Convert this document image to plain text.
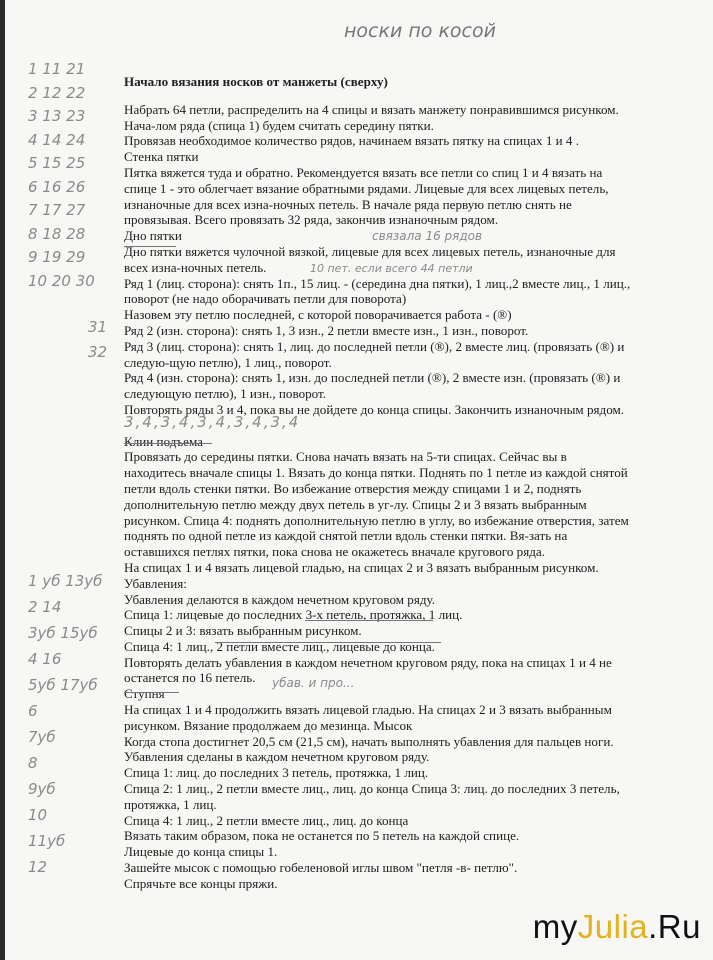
носки по косой
1 11 21
2 12 22
3 13 23
4 14 24
5 15 25
6 16 26
7 17 27
8 18 28
9 19 29
10 20 30
31
32
1 уб 13уб
2 14
3уб 15уб
4 16
5уб 17уб
6
7уб
8
9уб
10
11уб
12
связала 16 рядов
10 пет. если всего 44 петли
3,4,3,4,3,4,3,4,3,4
убав. и про...
Начало вязания носков от манжеты (сверху)
Набрать 64 петли, распределить на 4 спицы и вязать манжету понравившимся рисунком.
Нача-лом ряда (спица 1) будем считать середину пятки.
Провязав необходимое количество рядов, начинаем вязать пятку на спицах 1 и 4 .
Стенка пятки
Пятка вяжется туда и обратно. Рекомендуется вязать все петли со спиц 1 и 4 вязать на
спице 1 - это облегчает вязание обратными рядами. Лицевые для всех лицевых петель,
изнаночные для всех изна-ночных петель. В начале ряда первую петлю снять не
провязывая. Всего провязать 32 ряда, закончив изнаночным рядом.
Дно пятки
Дно пятки вяжется чулочной вязкой, лицевые для всех лицевых петель, изнаночные для
всех изна-ночных петель.
Ряд 1 (лиц. сторона): снять 1п., 15 лиц. - (середина дна пятки), 1 лиц.,2 вместе лиц., 1 лиц.,
поворот (не надо оборачивать петли для поворота)
Назовем эту петлю последней, с которой поворачивается работа - (®)
Ряд 2 (изн. сторона): снять 1, 3 изн., 2 петли вместе изн., 1 изн., поворот.
Ряд 3 (лиц. сторона): снять 1, лиц. до последней петли (®), 2 вместе лиц. (провязать (®) и
следую-щую петлю), 1 лиц., поворот.
Ряд 4 (изн. сторона): снять 1, изн. до последней петли (®), 2 вместе изн. (провязать (®) и
следующую петлю), 1 изн., поворот.
Повторять ряды 3 и 4, пока вы не дойдете до конца спицы. Закончить изнаночным рядом.

Клин подъема
Провязать до середины пятки. Снова начать вязать на 5-ти спицах. Сейчас вы в
находитесь вначале спицы 1. Вязать до конца пятки. Поднять по 1 петле из каждой снятой
петли вдоль стенки пятки. Во избежание отверстия между спицами 1 и 2, поднять
дополнительную петлю между двух петель в уг-лу. Спицы 2 и 3 вязать выбранным
рисунком. Спица 4: поднять дополнительную петлю в углу, во избежание отверстия, затем
поднять по одной петле из каждой снятой петли вдоль стенки пятки. Вя-зать на
оставшихся петлях пятки, пока снова не окажетесь вначале кругового ряда.
На спицах 1 и 4 вязать лицевой гладью, на спицах 2 и 3 вязать выбранным рисунком.
Убавления:
Убавления делаются в каждом нечетном круговом ряду.
Спица 1: лицевые до последних 3-х петель, протяжка, 1 лиц.
Спицы 2 и 3: вязать выбранным рисунком.
Спица 4: 1 лиц., 2 петли вместе лиц., лицевые до конца.
Повторять делать убавления в каждом нечетном круговом ряду, пока на спицах 1 и 4 не
останется по 16 петель.
Ступня
На спицах 1 и 4 продолжить вязать лицевой гладью. На спицах 2 и 3 вязать выбранным
рисунком. Вязание продолжаем до мезинца. Мысок
Когда стопа достигнет 20,5 см (21,5 см), начать выполнять убавления для пальцев ноги.
Убавления сделаны в каждом нечетном круговом ряду.
Спица 1: лиц. до последних 3 петель, протяжка, 1 лиц.
Спица 2: 1 лиц., 2 петли вместе лиц., лиц. до конца Спица 3: лиц. до последних 3 петель,
протяжка, 1 лиц.
Спица 4: 1 лиц., 2 петли вместе лиц., лиц. до конца
Вязать таким образом, пока не останется по 5 петель на каждой спице.
Лицевые до конца спицы 1.
Зашейте мысок с помощью гобеленовой иглы швом "петля -в- петлю".
Спрячьте все концы пряжи.
myJulia.Ru
